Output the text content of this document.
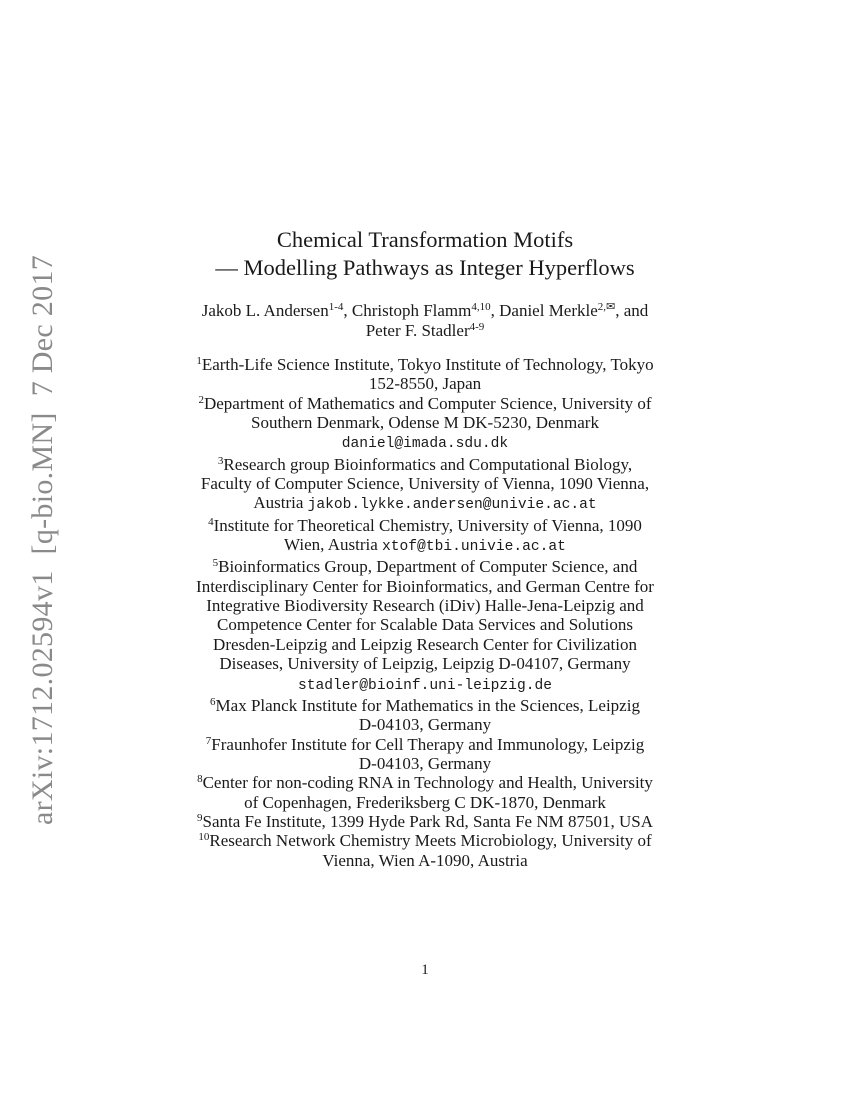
arXiv:1712.02594v1[q-bio.MN]7 Dec 2017
Chemical Transformation Motifs
— Modelling Pathways as Integer Hyperflows
Jakob L. Andersen$^{1-4}$, Christoph Flamm$^{4,10}$, Daniel Merkle$^{2,✉}$, and
Peter F. Stadler$^{4-9}$
$^1$Earth-Life Science Institute, Tokyo Institute of Technology, Tokyo
152-8550, Japan
$^2$Department of Mathematics and Computer Science, University of
Southern Denmark, Odense M DK-5230, Denmark
daniel@imada.sdu.dk
$^3$Research group Bioinformatics and Computational Biology,
Faculty of Computer Science, University of Vienna, 1090 Vienna,
Austria jakob.lykke.andersen@univie.ac.at
$^4$Institute for Theoretical Chemistry, University of Vienna, 1090
Wien, Austria xtof@tbi.univie.ac.at
$^5$Bioinformatics Group, Department of Computer Science, and
Interdisciplinary Center for Bioinformatics, and German Centre for
Integrative Biodiversity Research (iDiv) Halle-Jena-Leipzig and
Competence Center for Scalable Data Services and Solutions
Dresden-Leipzig and Leipzig Research Center for Civilization
Diseases, University of Leipzig, Leipzig D-04107, Germany
stadler@bioinf.uni-leipzig.de
$^6$Max Planck Institute for Mathematics in the Sciences, Leipzig
D-04103, Germany
$^7$Fraunhofer Institute for Cell Therapy and Immunology, Leipzig
D-04103, Germany
$^8$Center for non-coding RNA in Technology and Health, University
of Copenhagen, Frederiksberg C DK-1870, Denmark
$^9$Santa Fe Institute, 1399 Hyde Park Rd, Santa Fe NM 87501, USA
$^{10}$Research Network Chemistry Meets Microbiology, University of
Vienna, Wien A-1090, Austria
1
